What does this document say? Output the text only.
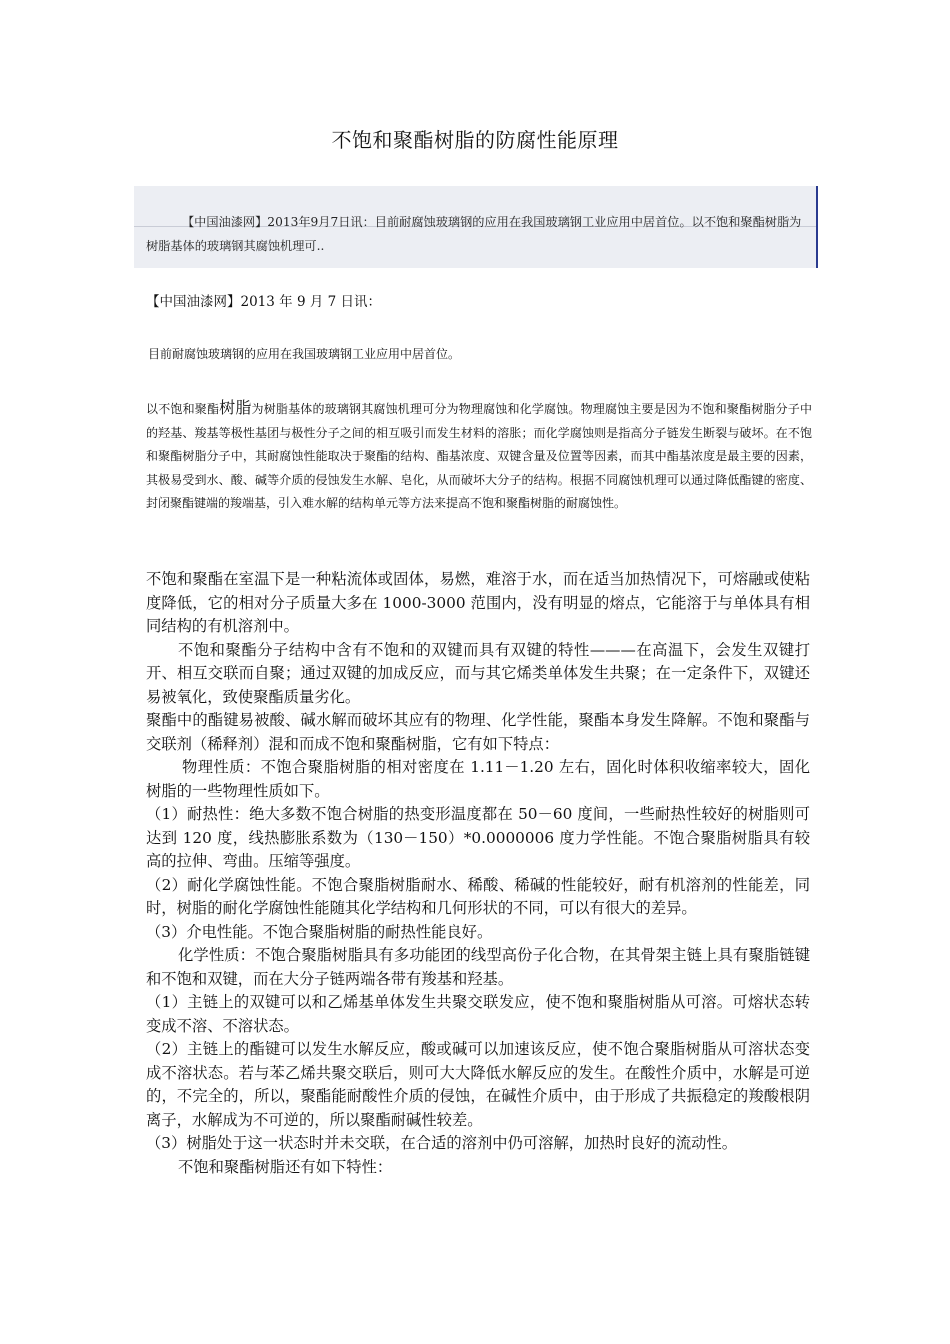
不饱和聚酯树脂的防腐性能原理
【中国油漆网】2013年9月7日讯：目前耐腐蚀玻璃钢的应用在我国玻璃钢工业应用中居首位。以不饱和聚酯树脂为树脂基体的玻璃钢其腐蚀机理可..
【中国油漆网】2013 年 9 月 7 日讯：
目前耐腐蚀玻璃钢的应用在我国玻璃钢工业应用中居首位。
以不饱和聚酯树脂为树脂基体的玻璃钢其腐蚀机理可分为物理腐蚀和化学腐蚀。物理腐蚀主要是因为不饱和聚酯树脂分子中的羟基、羧基等极性基团与极性分子之间的相互吸引而发生材料的溶胀；而化学腐蚀则是指高分子链发生断裂与破坏。在不饱和聚酯树脂分子中，其耐腐蚀性能取决于聚酯的结构、酯基浓度、双键含量及位置等因素，而其中酯基浓度是最主要的因素，其极易受到水、酸、碱等介质的侵蚀发生水解、皂化，从而破坏大分子的结构。根据不同腐蚀机理可以通过降低酯键的密度、封闭聚酯键端的羧端基，引入难水解的结构单元等方法来提高不饱和聚酯树脂的耐腐蚀性。

不饱和聚酯在室温下是一种粘流体或固体，易燃，难溶于水，而在适当加热情况下，可熔融或使粘度降低，它的相对分子质量大多在 1000-3000 范围内，没有明显的熔点，它能溶于与单体具有相同结构的有机溶剂中。

不饱和聚酯分子结构中含有不饱和的双键而具有双键的特性———在高温下，会发生双键打开、相互交联而自聚；通过双键的加成反应，而与其它烯类单体发生共聚；在一定条件下，双键还易被氧化，致使聚酯质量劣化。

聚酯中的酯键易被酸、碱水解而破坏其应有的物理、化学性能，聚酯本身发生降解。不饱和聚酯与交联剂（稀释剂）混和而成不饱和聚酯树脂，它有如下特点：

物理性质：不饱合聚脂树脂的相对密度在 1.11－1.20 左右，固化时体积收缩率较大，固化树脂的一些物理性质如下。

（1）耐热性：绝大多数不饱合树脂的热变形温度都在 50－60 度间，一些耐热性较好的树脂则可达到 120 度，线热膨胀系数为（130－150）*0.0000006 度力学性能。不饱合聚脂树脂具有较高的拉伸、弯曲。压缩等强度。

（2）耐化学腐蚀性能。不饱合聚脂树脂耐水、稀酸、稀碱的性能较好，耐有机溶剂的性能差，同时，树脂的耐化学腐蚀性能随其化学结构和几何形状的不同，可以有很大的差异。

（3）介电性能。不饱合聚脂树脂的耐热性能良好。

化学性质：不饱合聚脂树脂具有多功能团的线型高份子化合物，在其骨架主链上具有聚脂链键和不饱和双键，而在大分子链两端各带有羧基和羟基。

（1）主链上的双键可以和乙烯基单体发生共聚交联发应，使不饱和聚脂树脂从可溶。可熔状态转变成不溶、不溶状态。

（2）主链上的酯键可以发生水解反应，酸或碱可以加速该反应，使不饱合聚脂树脂从可溶状态变成不溶状态。若与苯乙烯共聚交联后，则可大大降低水解反应的发生。在酸性介质中，水解是可逆的，不完全的，所以，聚酯能耐酸性介质的侵蚀，在碱性介质中，由于形成了共振稳定的羧酸根阴离子，水解成为不可逆的，所以聚酯耐碱性较差。

（3）树脂处于这一状态时并未交联，在合适的溶剂中仍可溶解，加热时良好的流动性。

不饱和聚酯树脂还有如下特性：
